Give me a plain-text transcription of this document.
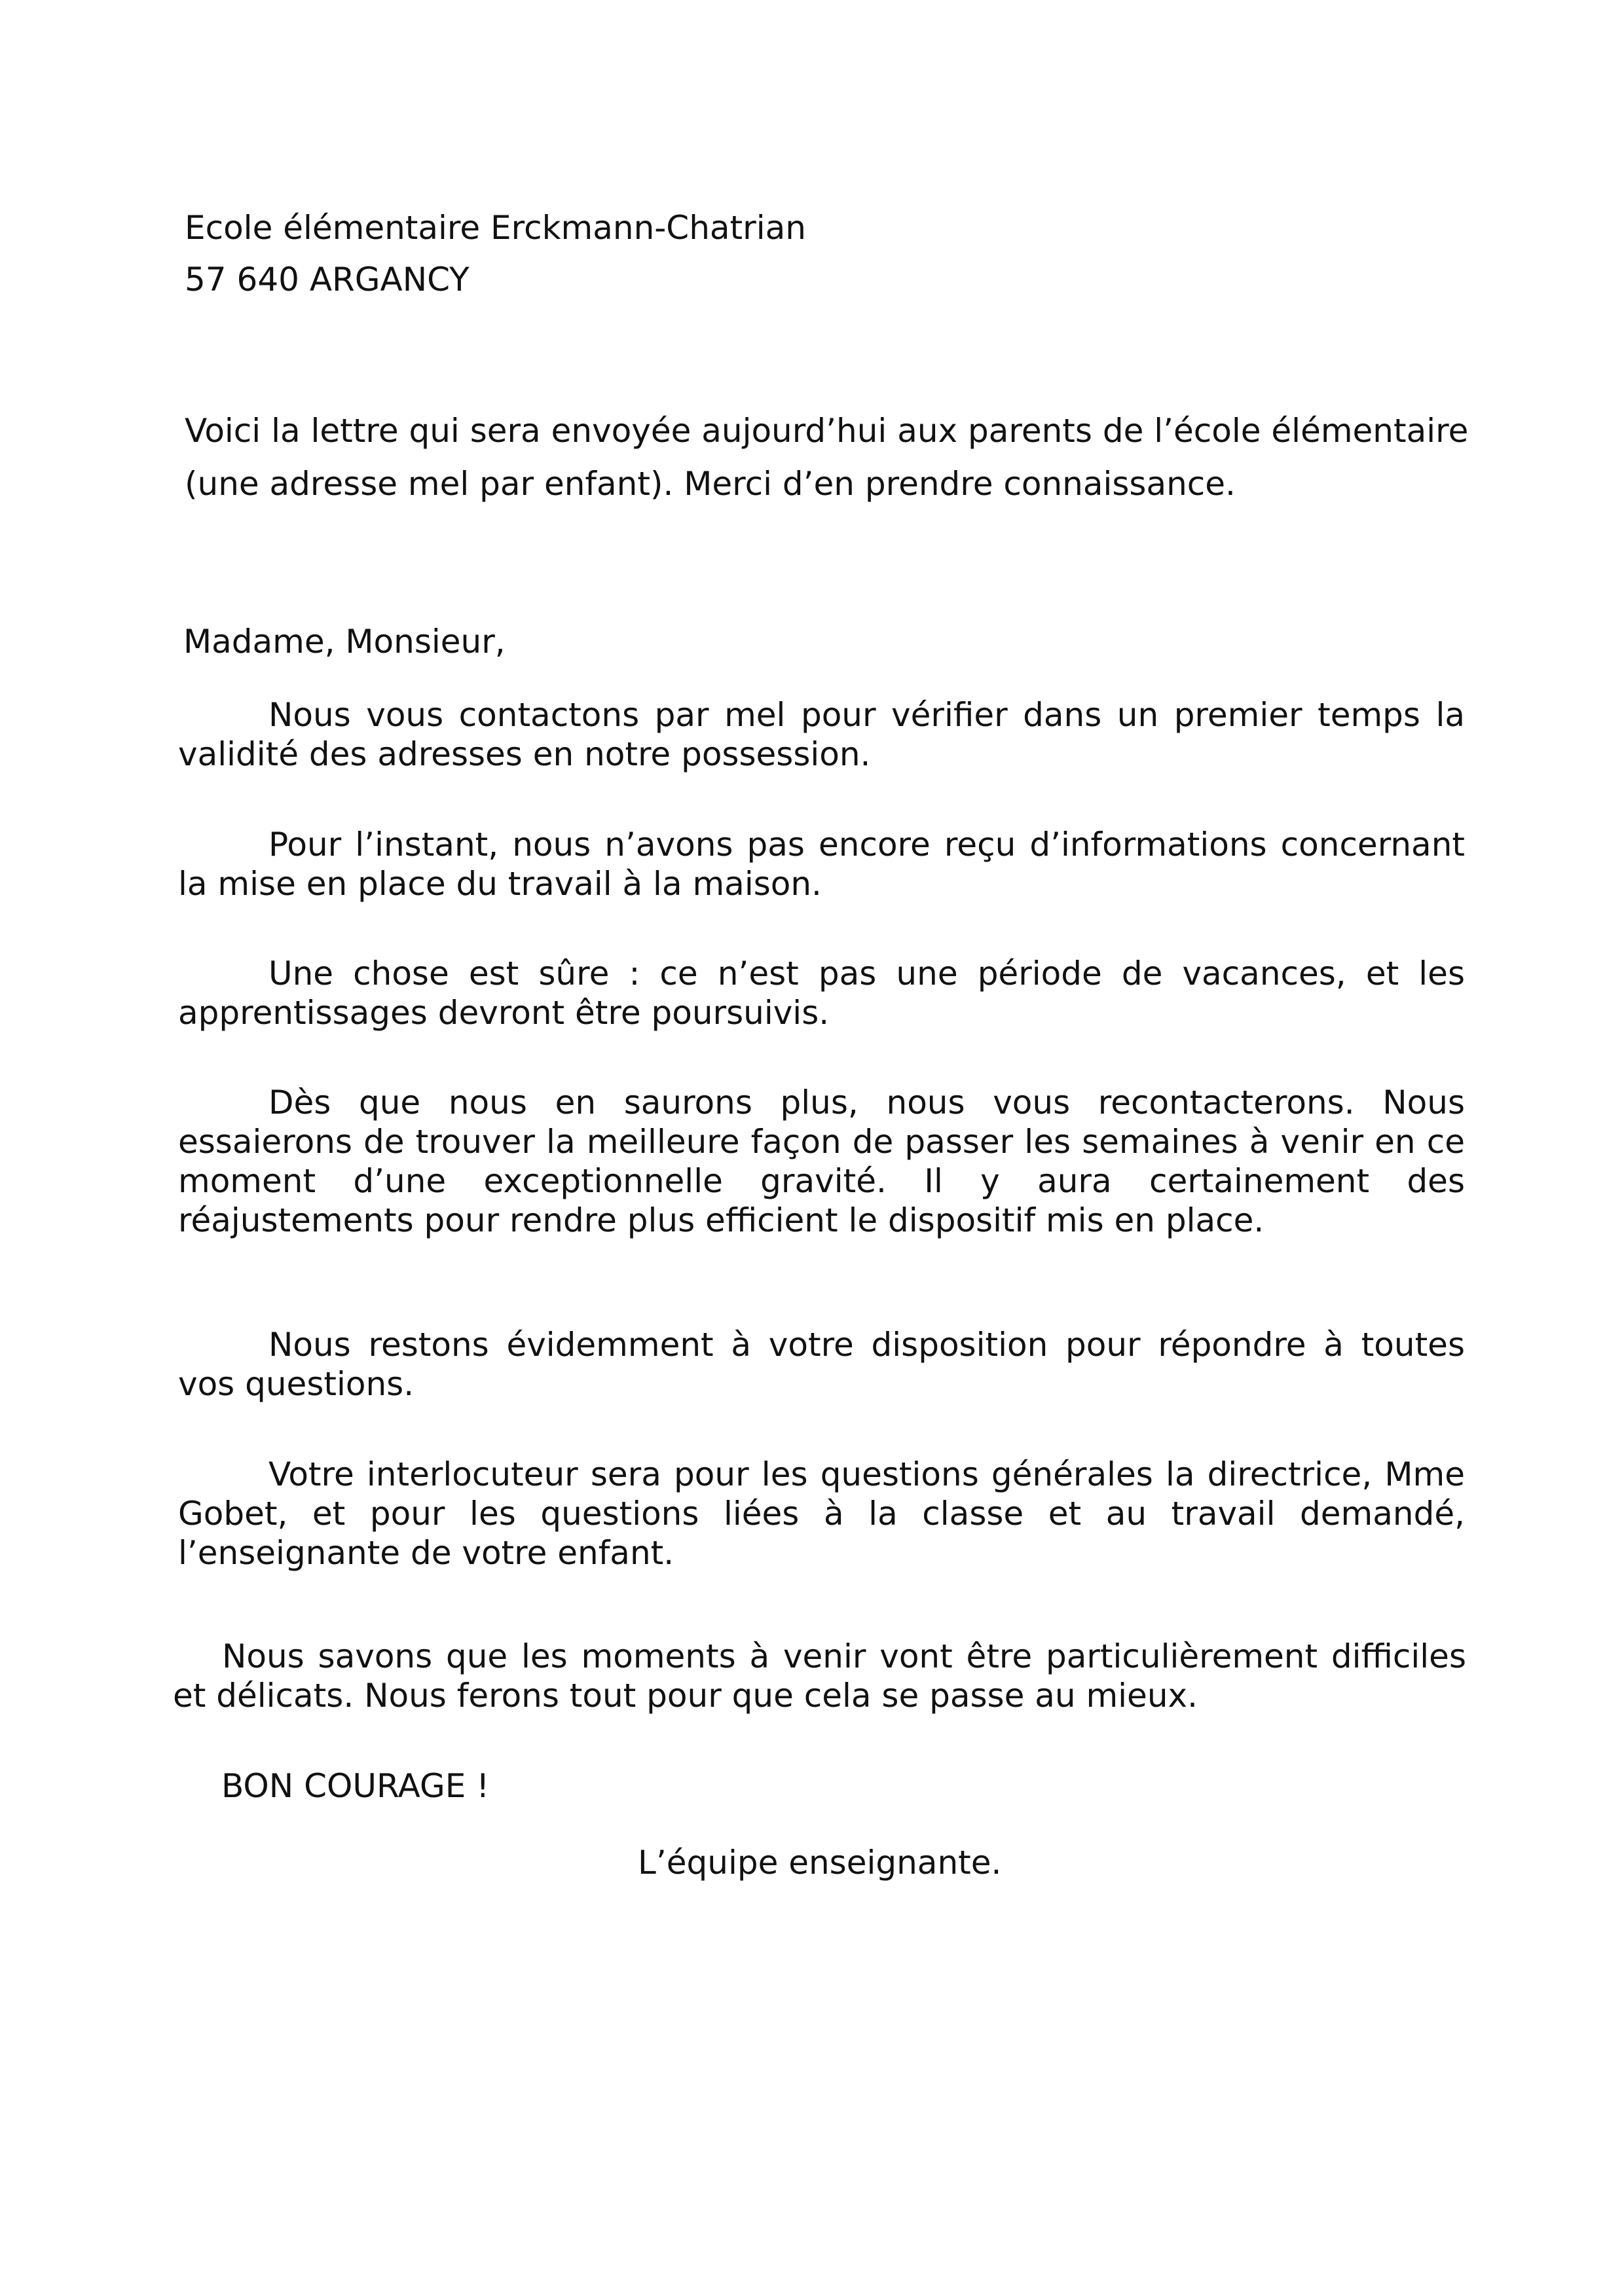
Ecole élémentaire Erckmann-Chatrian

57 640 ARGANCY

Voici la lettre qui sera envoyée aujourd’hui aux parents de l’école élémentaire

(une adresse mel par enfant). Merci d’en prendre connaissance.

Madame, Monsieur,

Nous vous contactons par mel pour vérifier dans un premier temps la validité des adresses en notre possession.

Pour l’instant, nous n’avons pas encore reçu d’informations concernant la mise en place du travail à la maison.

Une chose est sûre : ce n’est pas une période de vacances, et les apprentissages devront être poursuivis.

Dès que nous en saurons plus, nous vous recontacterons. Nous essaierons de trouver la meilleure façon de passer les semaines à venir en ce moment d’une exceptionnelle gravité. Il y aura certainement des réajustements pour rendre plus efficient le dispositif mis en place.

Nous restons évidemment à votre disposition pour répondre à toutes vos questions.

Votre interlocuteur sera pour les questions générales la directrice, Mme Gobet, et pour les questions liées à la classe et au travail demandé, l’enseignante de votre enfant.

Nous savons que les moments à venir vont être particulièrement difficiles et délicats. Nous ferons tout pour que cela se passe au mieux.

BON COURAGE !

L’équipe enseignante.
